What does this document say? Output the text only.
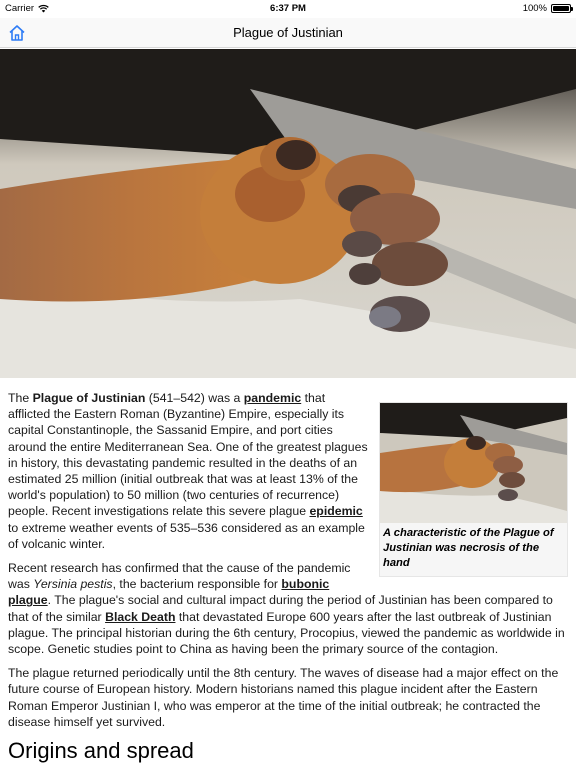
Carrier	6:37 PM	100%
Plague of Justinian
A characteristic of the Plague of Justinian was necrosis of the hand

The Plague of Justinian (541–542) was a pandemic that afflicted the Eastern Roman (Byzantine) Empire, especially its capital Constantinople, the Sassanid Empire, and port cities around the entire Mediterranean Sea. One of the greatest plagues in history, this devastating pandemic resulted in the deaths of an estimated 25 million (initial outbreak that was at least 13% of the world's population) to 50 million (two centuries of recurrence) people. Recent investigations relate this severe plague epidemic to extreme weather events of 535–536 considered as an example of volcanic winter.

Recent research has confirmed that the cause of the pandemic was Yersinia pestis, the bacterium responsible for bubonic plague. The plague's social and cultural impact during the period of Justinian has been compared to that of the similar Black Death that devastated Europe 600 years after the last outbreak of Justinian plague. The principal historian during the 6th century, Procopius, viewed the pandemic as worldwide in scope. Genetic studies point to China as having been the primary source of the contagion.

The plague returned periodically until the 8th century. The waves of disease had a major effect on the future course of European history. Modern historians named this plague incident after the Eastern Roman Emperor Justinian I, who was emperor at the time of the initial outbreak; he contracted the disease himself yet survived.

Origins and spread
